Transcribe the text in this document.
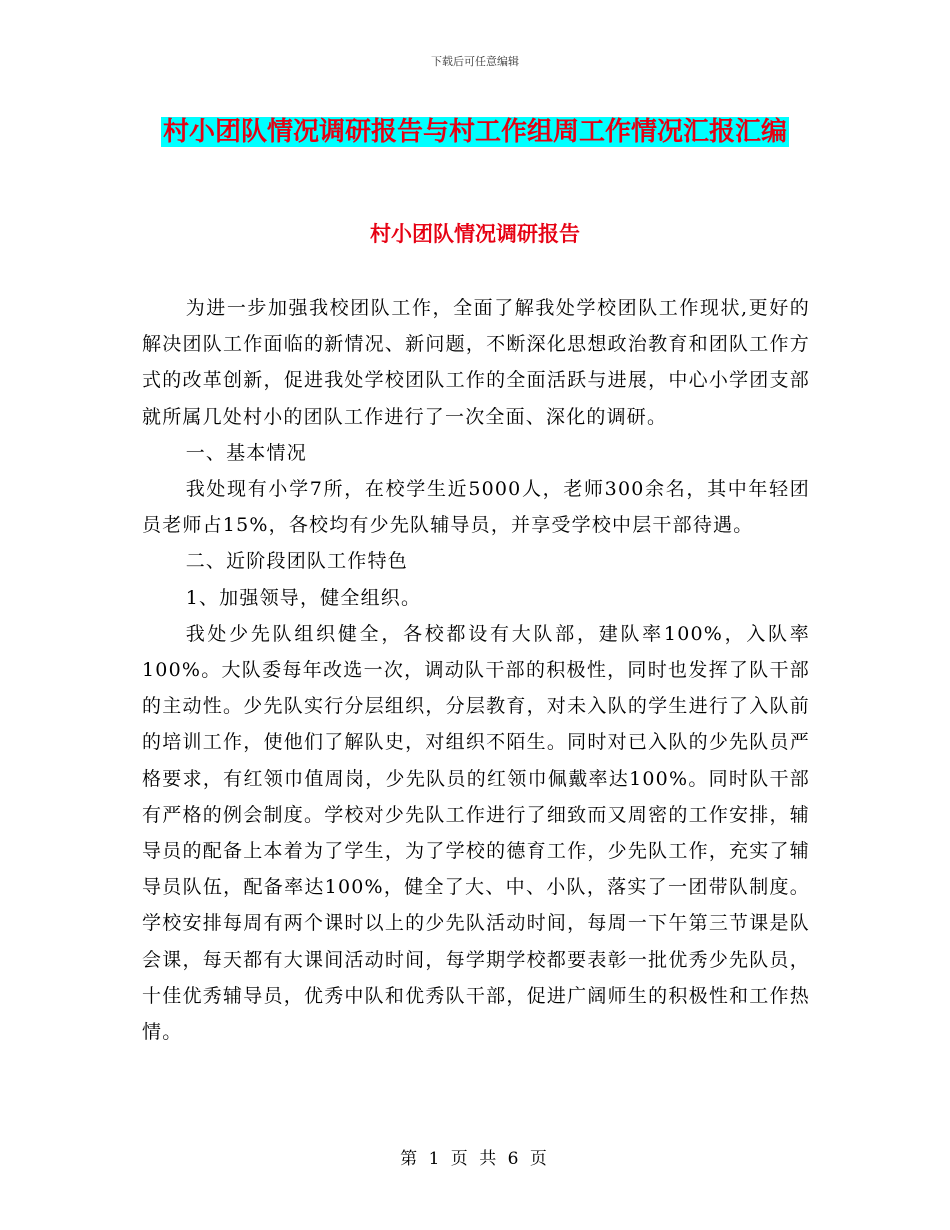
下载后可任意编辑
村小团队情况调研报告与村工作组周工作情况汇报汇编
村小团队情况调研报告

为进一步加强我校团队工作，全面了解我处学校团队工作现状,更好的解决团队工作面临的新情况、新问题，不断深化思想政治教育和团队工作方式的改革创新，促进我处学校团队工作的全面活跃与进展，中心小学团支部就所属几处村小的团队工作进行了一次全面、深化的调研。

一、基本情况

我处现有小学7所，在校学生近5000人，老师300余名，其中年轻团员老师占15%，各校均有少先队辅导员，并享受学校中层干部待遇。

二、近阶段团队工作特色

1、加强领导，健全组织。

我处少先队组织健全，各校都设有大队部，建队率100%，入队率100%。大队委每年改选一次，调动队干部的积极性，同时也发挥了队干部的主动性。少先队实行分层组织，分层教育，对未入队的学生进行了入队前的培训工作，使他们了解队史，对组织不陌生。同时对已入队的少先队员严格要求，有红领巾值周岗，少先队员的红领巾佩戴率达100%。同时队干部有严格的例会制度。学校对少先队工作进行了细致而又周密的工作安排，辅导员的配备上本着为了学生，为了学校的德育工作，少先队工作，充实了辅导员队伍，配备率达100%，健全了大、中、小队，落实了一团带队制度。学校安排每周有两个课时以上的少先队活动时间，每周一下午第三节课是队会课，每天都有大课间活动时间，每学期学校都要表彰一批优秀少先队员，十佳优秀辅导员，优秀中队和优秀队干部，促进广阔师生的积极性和工作热情。

第 1 页 共 6 页
